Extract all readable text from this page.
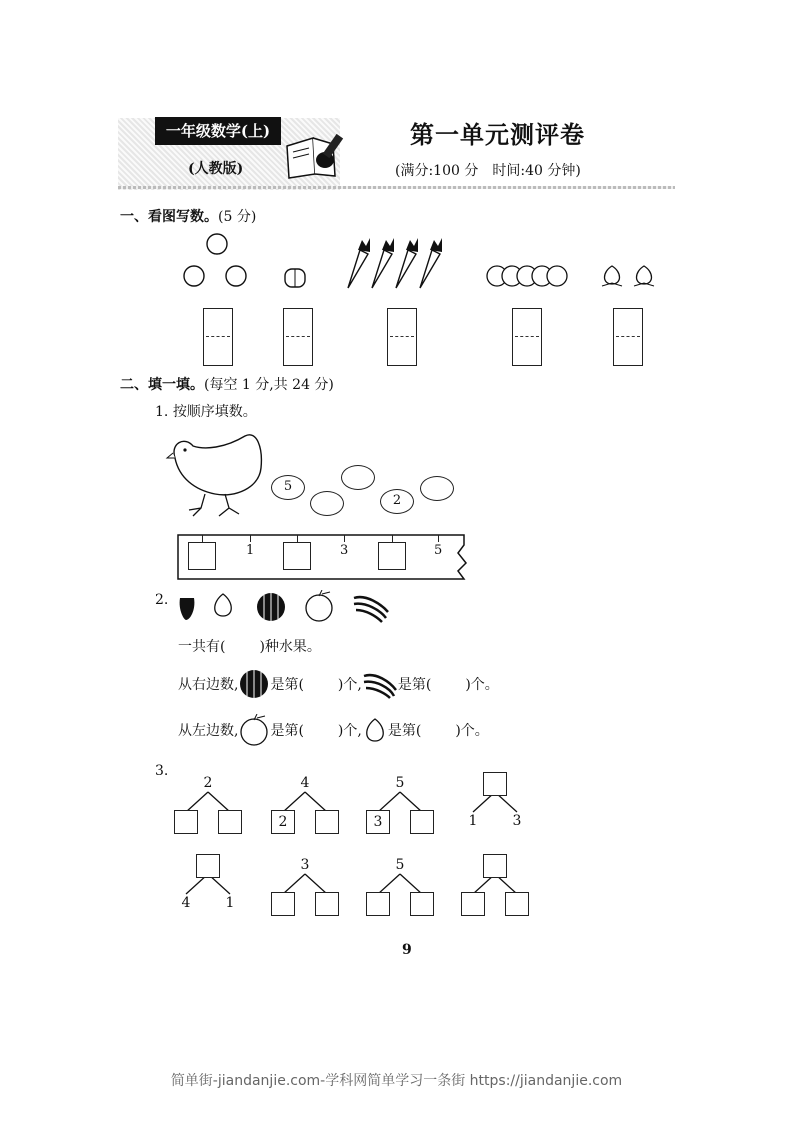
一年级数学(上)
(人教版)
第一单元测评卷
(满分:100 分　时间:40 分钟)
一、看图写数。(5 分)
二、填一填。(每空 1 分,共 24 分)
1. 按顺序填数。
5
2
1	3	5
2.
一共有( )种水果。
从右边数, 是第( )个,	是第( )个。
从左边数, 是第( )个, 是第( )个。
3.
2	4
2
5
3	1	3
4	1
3	5
9
简单街-jiandanjie.com-学科网简单学习一条街 https://jiandanjie.com
